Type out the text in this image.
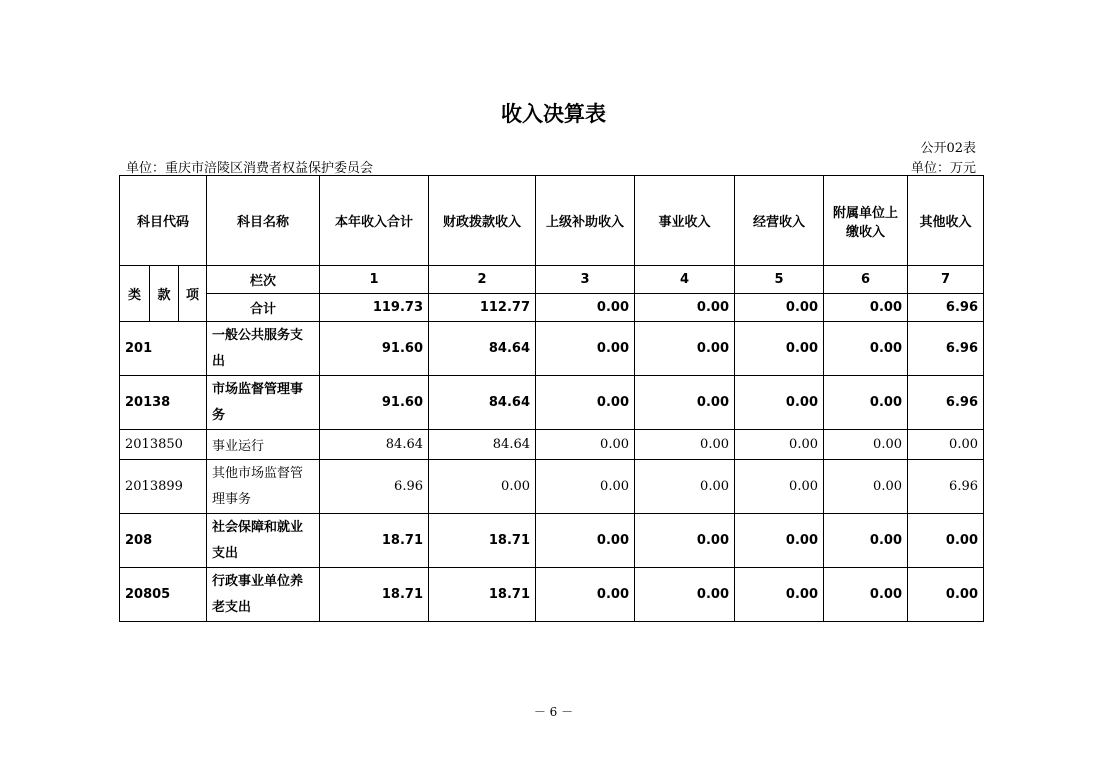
收入决算表
公开02表
单位：重庆市涪陵区消费者权益保护委员会	单位：万元
科目代码			科目名称	本年收入合计	财政拨款收入	上级补助收入	事业收入	经营收入	附属单位上缴收入	其他收入
类	款	项	栏次	1	2	3	4	5	6	7
			合计	119.73	112.77	0.00	0.00	0.00	0.00	6.96
201			一般公共服务支出	91.60	84.64	0.00	0.00	0.00	0.00	6.96
20138			市场监督管理事务	91.60	84.64	0.00	0.00	0.00	0.00	6.96
2013850			事业运行	84.64	84.64	0.00	0.00	0.00	0.00	0.00
2013899			其他市场监督管理事务	6.96	0.00	0.00	0.00	0.00	0.00	6.96
208			社会保障和就业支出	18.71	18.71	0.00	0.00	0.00	0.00	0.00
20805			行政事业单位养老支出	18.71	18.71	0.00	0.00	0.00	0.00	0.00
－ 6 －
